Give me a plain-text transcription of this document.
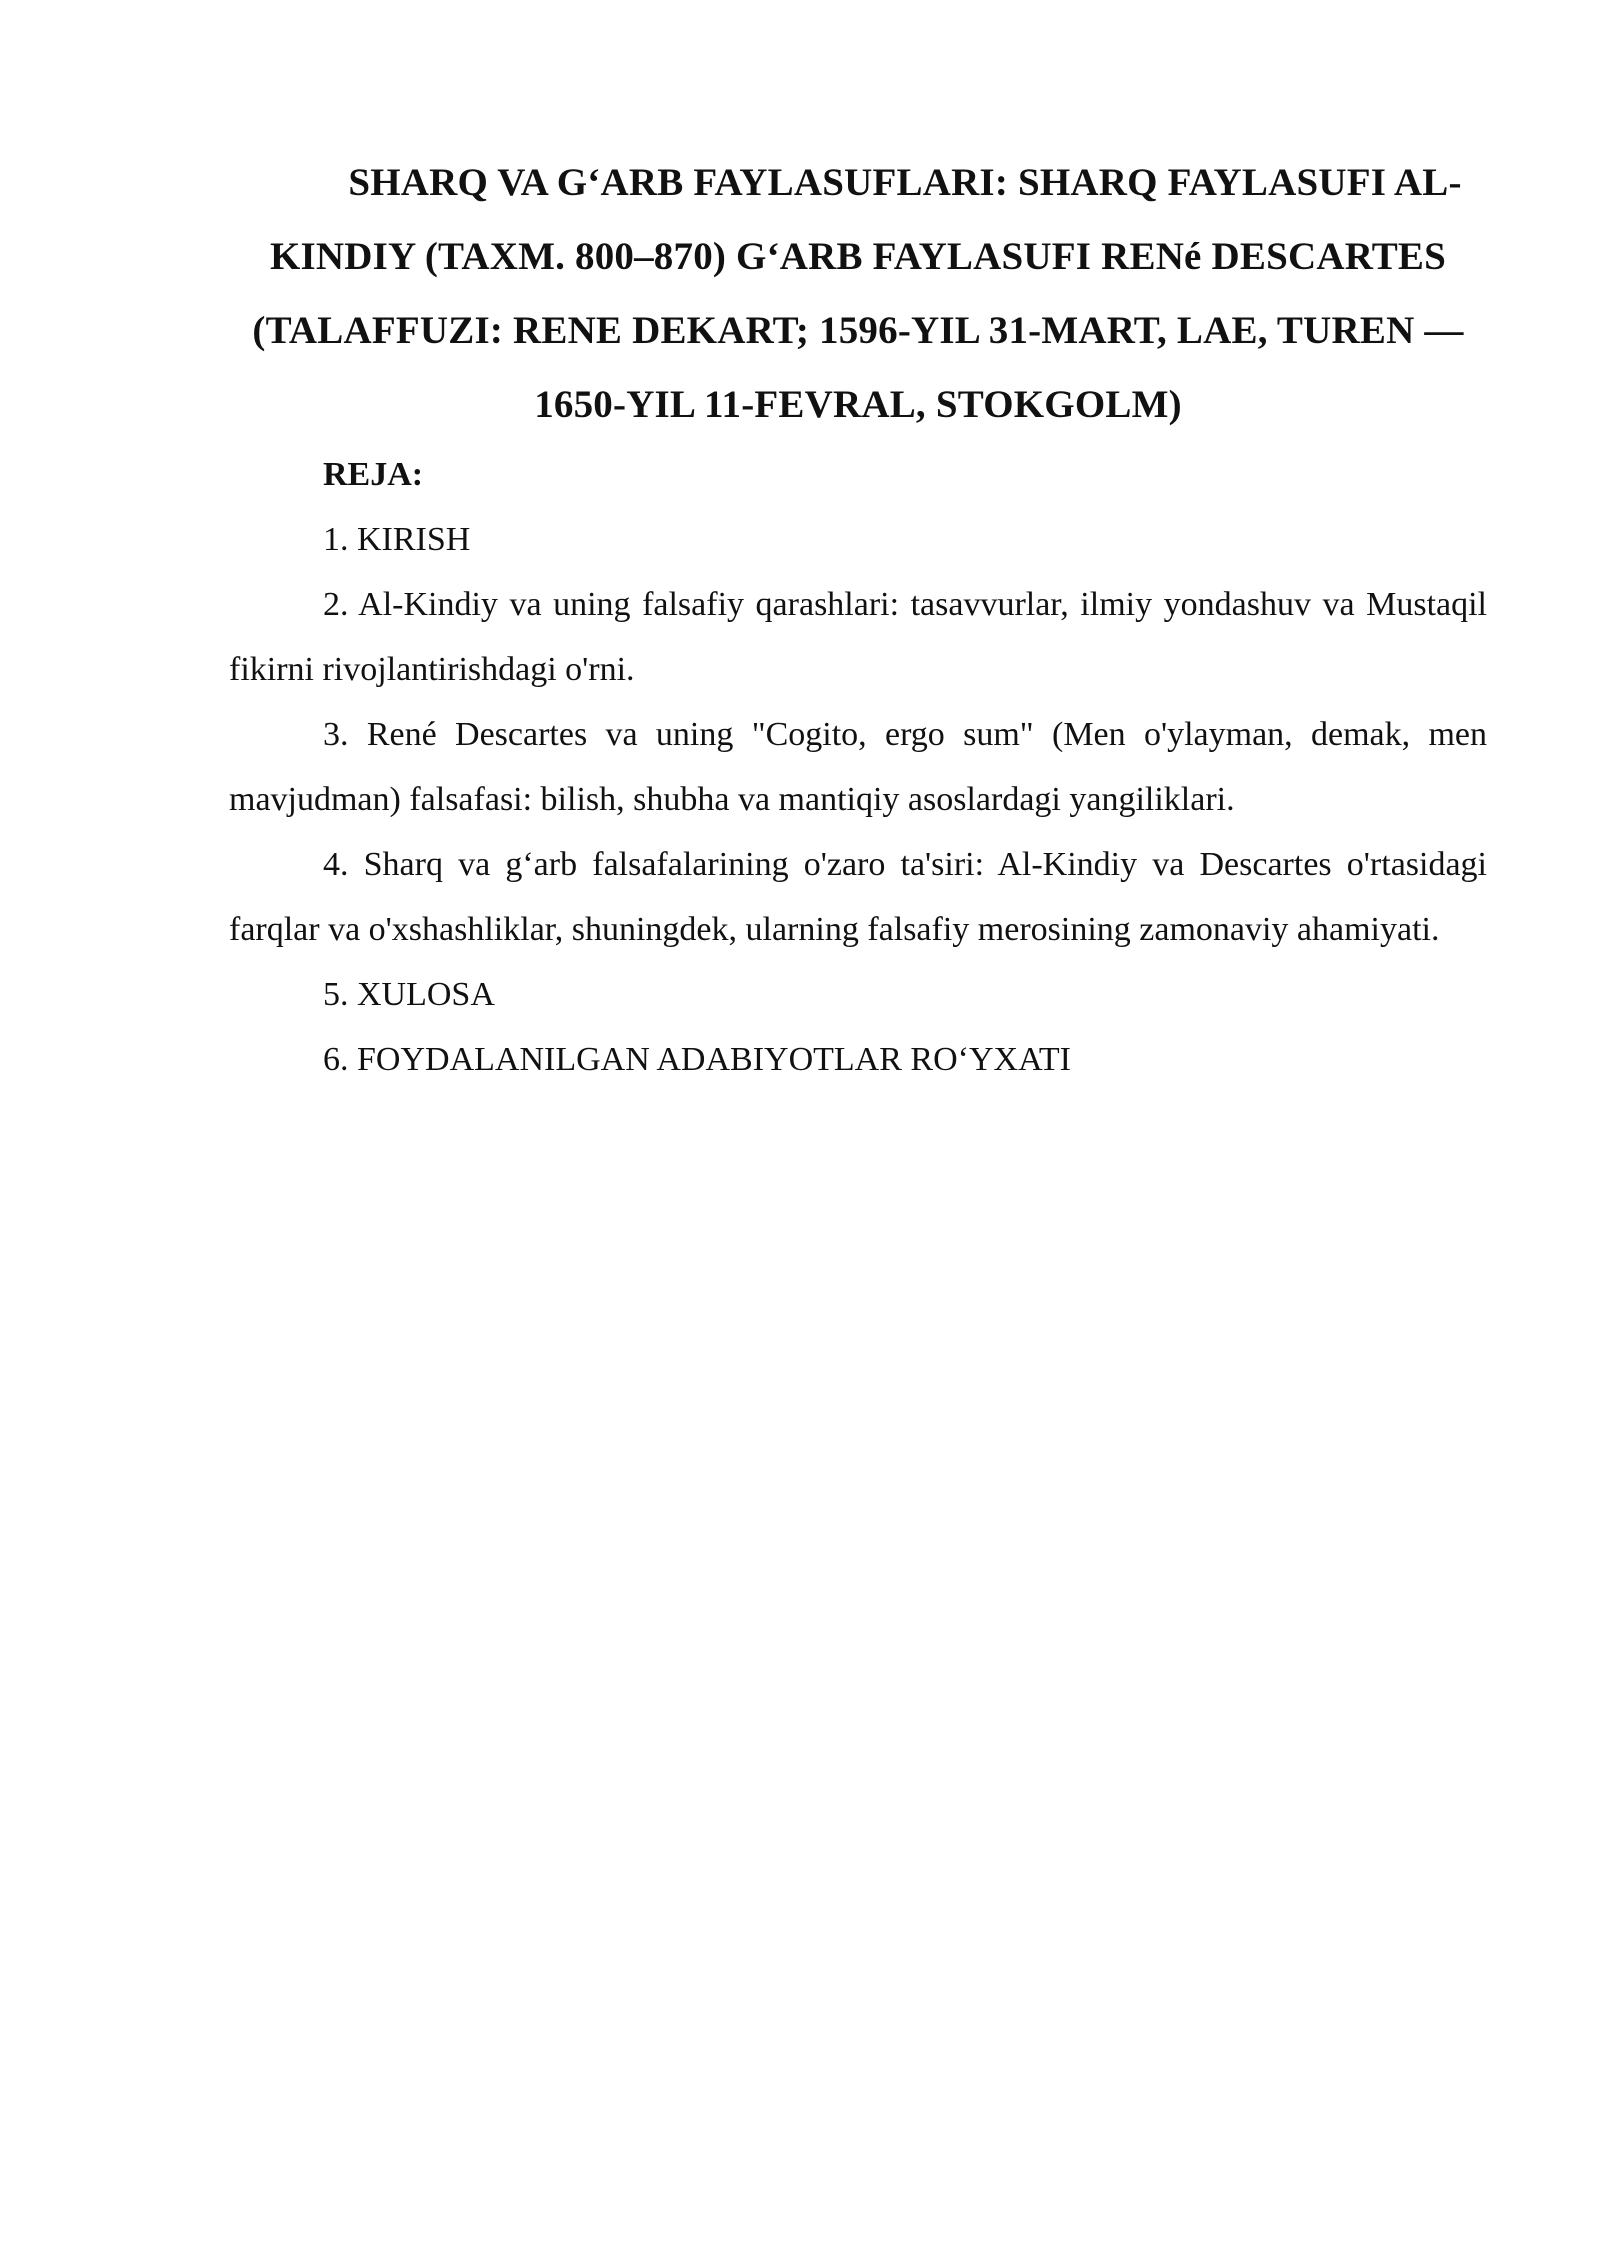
SHARQ VA G‘ARB FAYLASUFLARI: SHARQ FAYLASUFI AL-KINDIY (TAXM. 800–870) G‘ARB FAYLASUFI RENé DESCARTES (TALAFFUZI: RENE DEKART; 1596-YIL 31-MART, LAE, TUREN — 1650-YIL 11-FEVRAL, STOKGOLM)

REJA:

1. KIRISH

2. Al-Kindiy va uning falsafiy qarashlari: tasavvurlar, ilmiy yondashuv va Mustaqil fikirni rivojlantirishdagi o'rni.

3. René Descartes va uning "Cogito, ergo sum" (Men o'ylayman, demak, men mavjudman) falsafasi: bilish, shubha va mantiqiy asoslardagi yangiliklari.

4. Sharq va g‘arb falsafalarining o'zaro ta'siri: Al-Kindiy va Descartes o'rtasidagi farqlar va o'xshashliklar, shuningdek, ularning falsafiy merosining zamonaviy ahamiyati.

5. XULOSA

6. FOYDALANILGAN ADABIYOTLAR RO‘YXATI
